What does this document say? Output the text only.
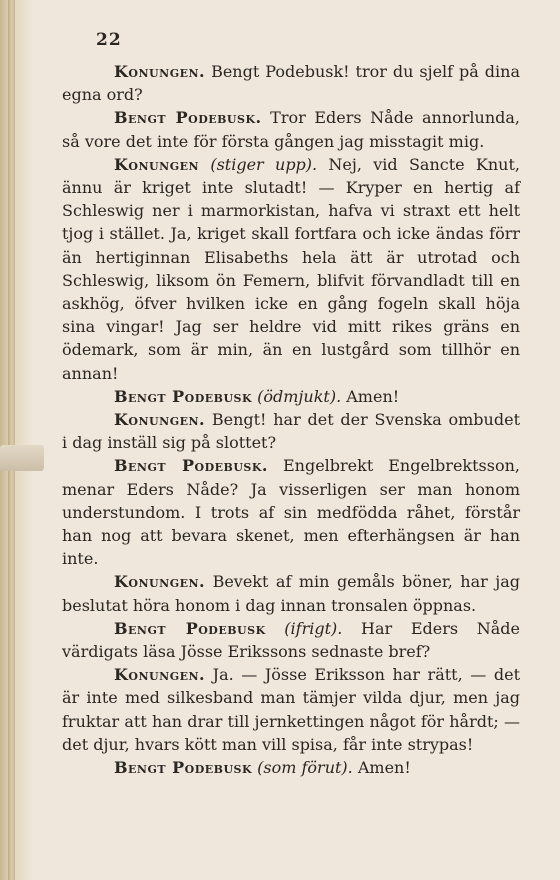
22

Konungen. Bengt Podebusk! tror du sjelf på dina egna ord?

Bengt Podebusk. Tror Eders Nåde annorlunda, så vore det inte för första gången jag misstagit mig.

Konungen (stiger upp). Nej, vid Sancte Knut, ännu är kriget inte slutadt! — Kryper en hertig af Schleswig ner i marmorkistan, hafva vi straxt ett helt tjog i stället. Ja, kriget skall fortfara och icke ändas förr än hertiginnan Elisabeths hela ätt är utrotad och Schleswig, liksom ön Femern, blifvit förvandladt till en askhög, öfver hvilken icke en gång fogeln skall höja sina vingar! Jag ser heldre vid mitt rikes gräns en ödemark, som är min, än en lustgård som tillhör en annan!

Bengt Podebusk (ödmjukt). Amen!

Konungen. Bengt! har det der Svenska ombudet i dag inställ sig på slottet?

Bengt Podebusk. Engelbrekt Engelbrektsson, menar Eders Nåde? Ja visserligen ser man honom understundom. I trots af sin medfödda råhet, förstår han nog att bevara skenet, men efterhängsen är han inte.

Konungen. Bevekt af min gemåls böner, har jag beslutat höra honom i dag innan tronsalen öppnas.

Bengt Podebusk (ifrigt). Har Eders Nåde värdigats läsa Jösse Erikssons sednaste bref?

Konungen. Ja. — Jösse Eriksson har rätt, — det är inte med silkesband man tämjer vilda djur, men jag fruktar att han drar till jernkettingen något för hårdt; — det djur, hvars kött man vill spisa, får inte strypas!

Bengt Podebusk (som förut). Amen!
